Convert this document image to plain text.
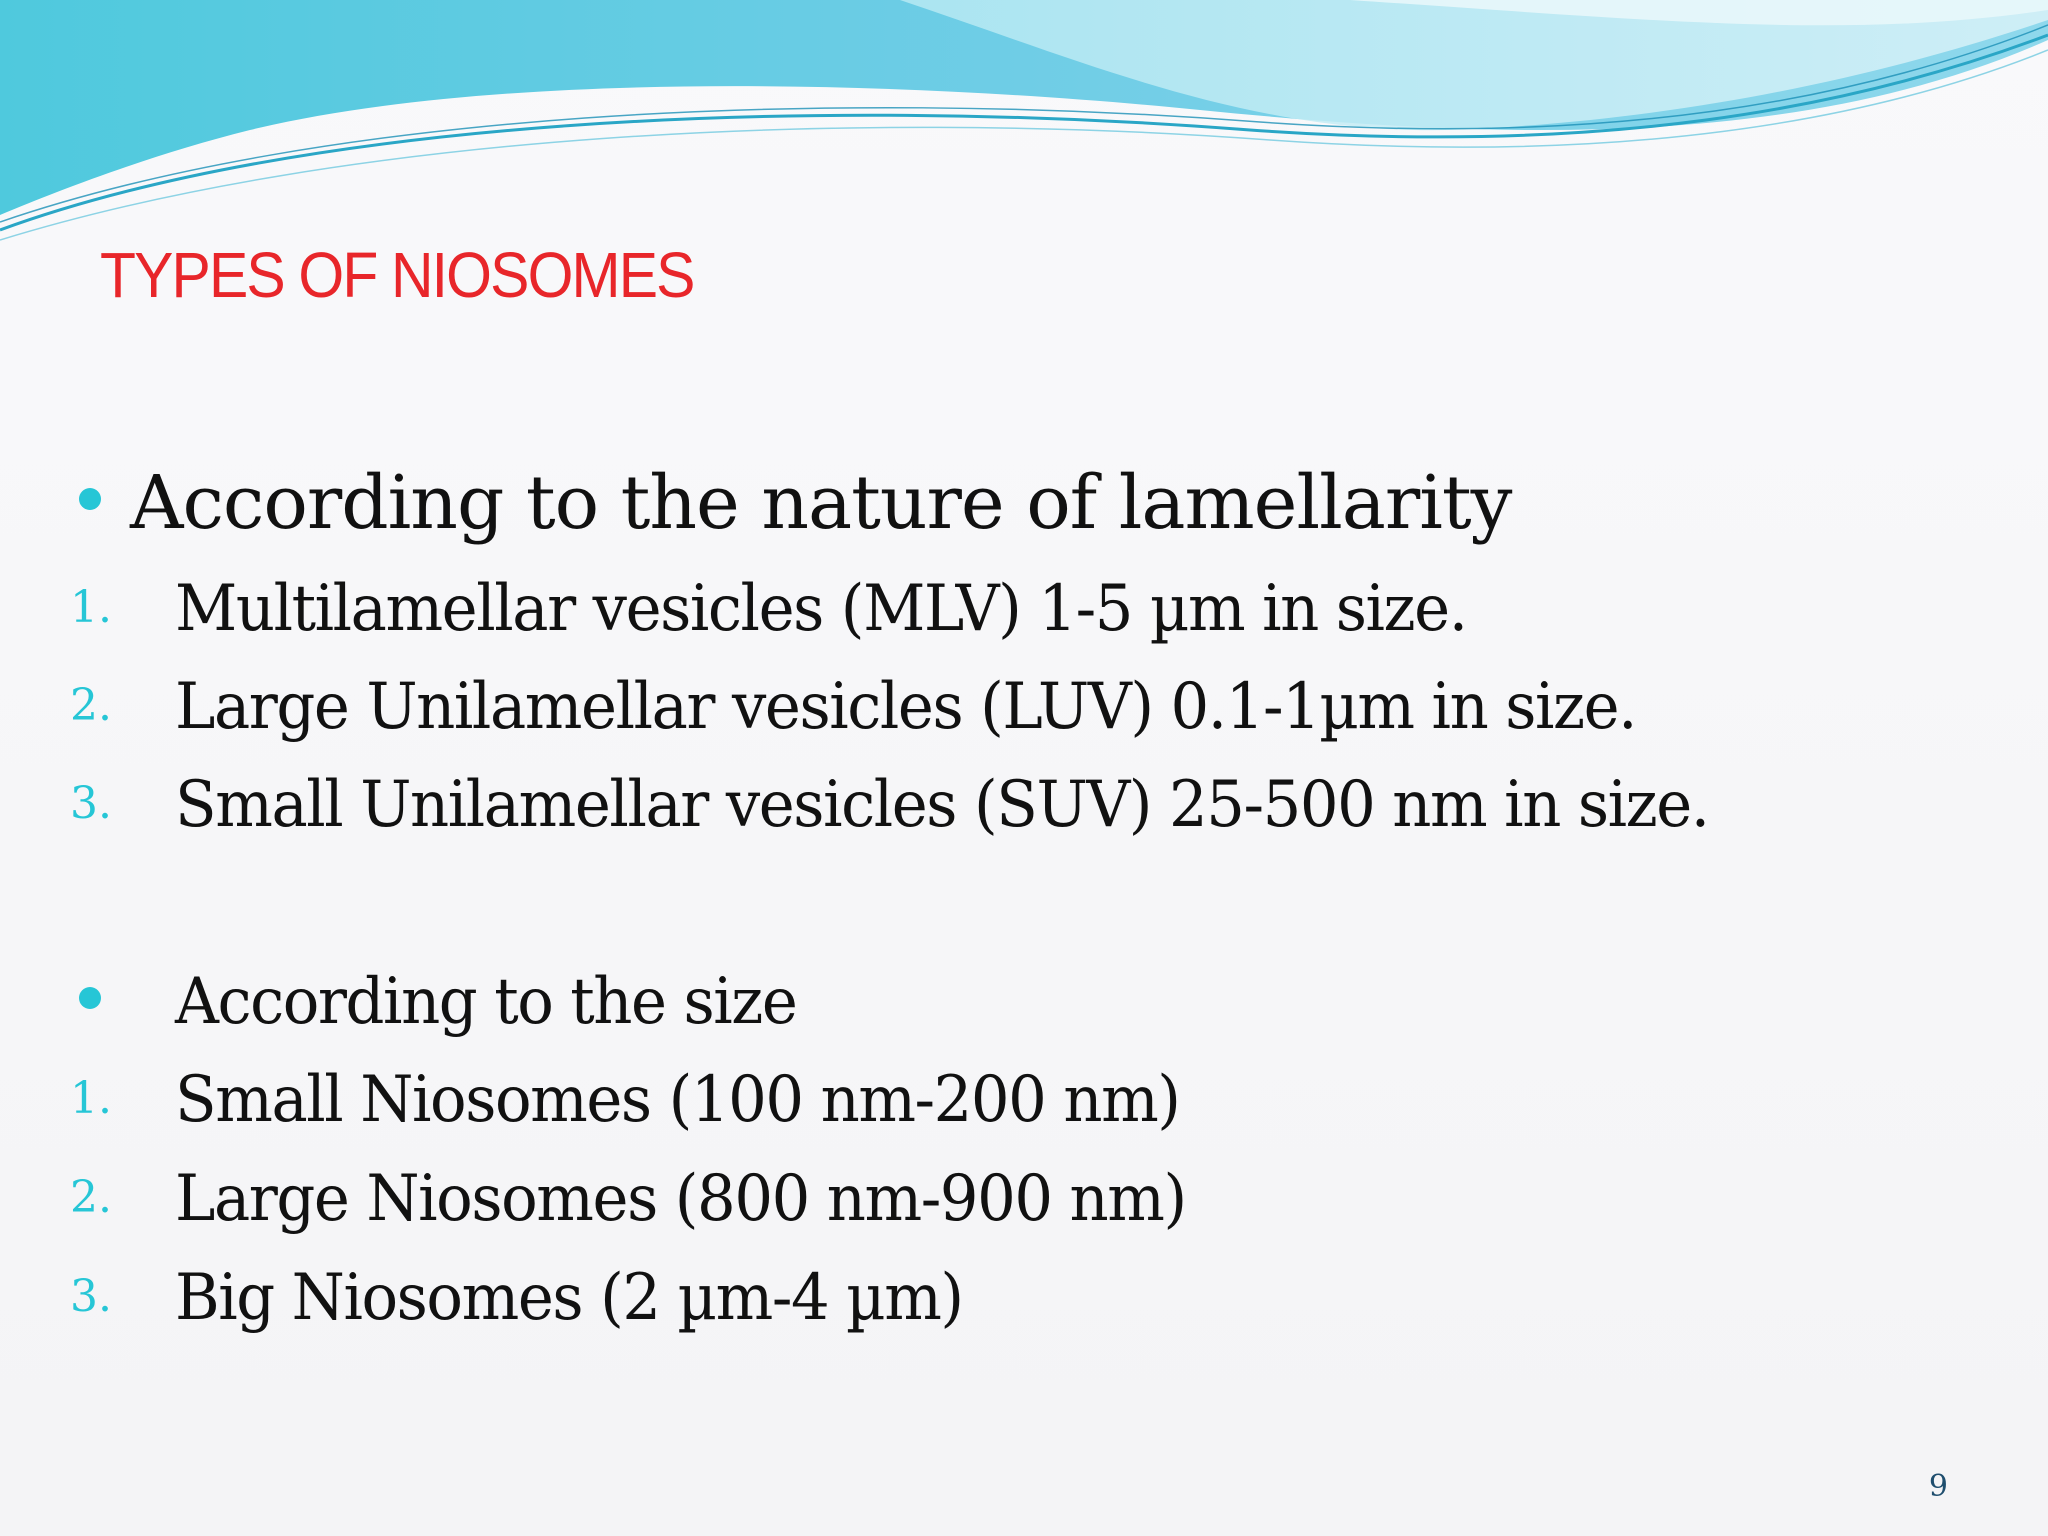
TYPES OF NIOSOMES
According to the nature of lamellarity
1. Multilamellar vesicles (MLV) 1-5 µm in size.
2. Large Unilamellar vesicles (LUV) 0.1-1µm in size.
3. Small Unilamellar vesicles (SUV) 25-500 nm in size.
According to the size
1. Small Niosomes (100 nm-200 nm)
2. Large Niosomes (800 nm-900 nm)
3. Big Niosomes (2 µm-4 µm)
9
